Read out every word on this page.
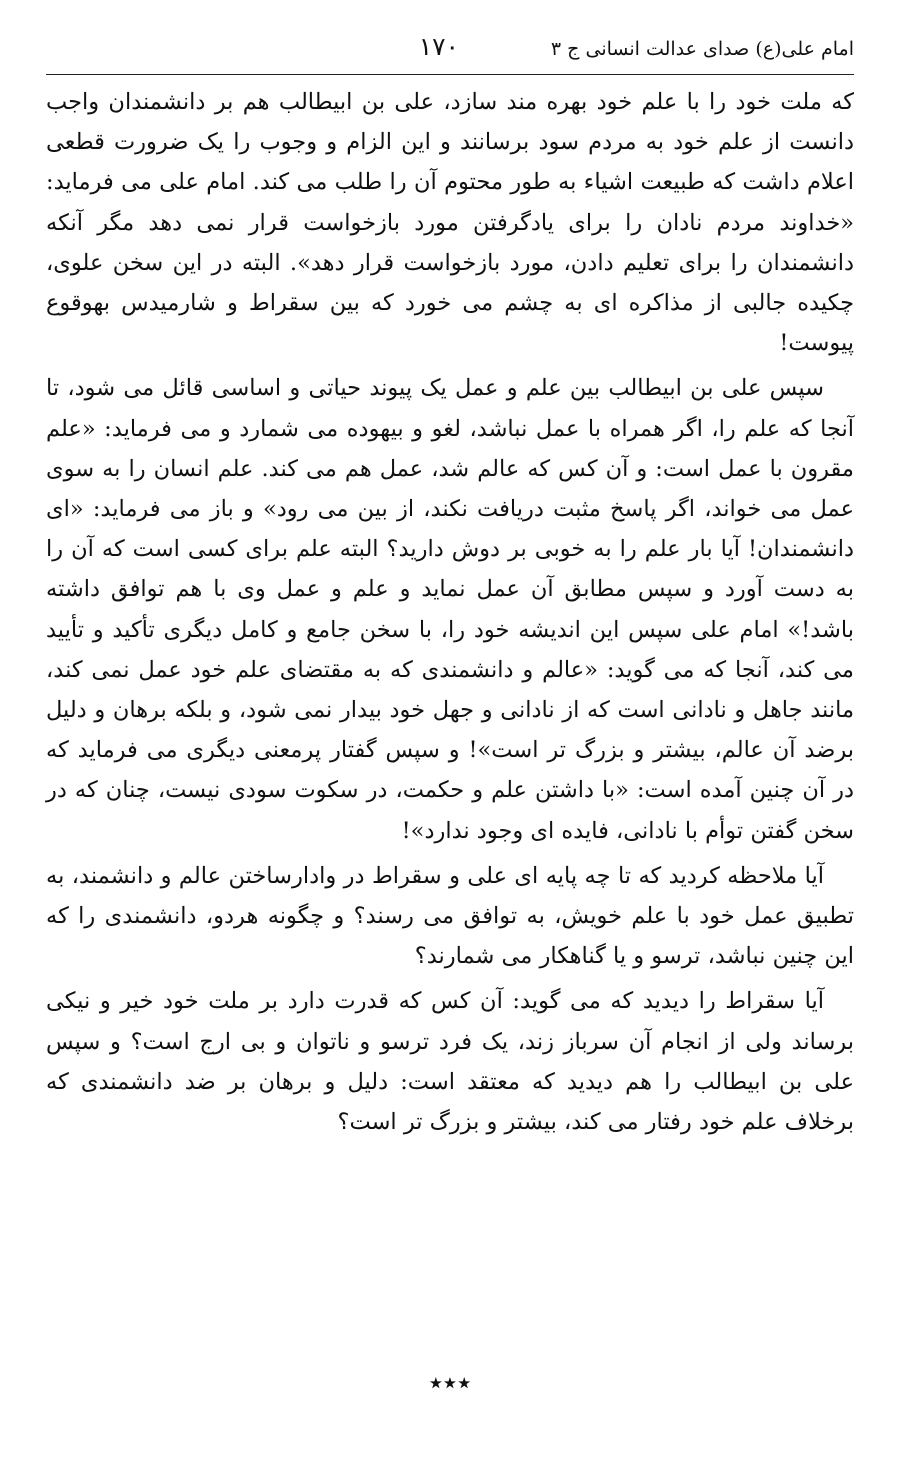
امام علی(ع) صدای عدالت انسانی ج ٣
١٧٠

که ملت خود را با علم خود بهره مند سازد، علی بن ابیطالب هم بر دانشمندان واجب دانست از علم خود به مردم سود برسانند و این الزام و وجوب را یک ضرورت قطعی اعلام داشت که طبیعت اشیاء به طور محتوم آن را طلب می کند. امام علی می فرماید: «خداوند مردم نادان را برای یادگرفتن مورد بازخواست قرار نمی دهد مگر آنکه دانشمندان را برای تعلیم دادن، مورد بازخواست قرار دهد». البته در این سخن علوی، چکیده جالبی از مذاکره ای به چشم می خورد که بین سقراط و شارمیدس بهوقوع پیوست!

سپس علی بن ابیطالب بین علم و عمل یک پیوند حیاتی و اساسی قائل می شود، تا آنجا که علم را، اگر همراه با عمل نباشد، لغو و بیهوده می شمارد و می فرماید: «علم مقرون با عمل است: و آن کس که عالم شد، عمل هم می کند. علم انسان را به سوی عمل می خواند، اگر پاسخ مثبت دریافت نکند، از بین می رود» و باز می فرماید: «ای دانشمندان! آیا بار علم را به خوبی بر دوش دارید؟ البته علم برای کسی است که آن را به دست آورد و سپس مطابق آن عمل نماید و علم و عمل وی با هم توافق داشته باشد!» امام علی سپس این اندیشه خود را، با سخن جامع و کامل دیگری تأکید و تأیید می کند، آنجا که می گوید: «عالم و دانشمندی که به مقتضای علم خود عمل نمی کند، مانند جاهل و نادانی است که از نادانی و جهل خود بیدار نمی شود، و بلکه برهان و دلیل برضد آن عالم، بیشتر و بزرگ تر است»! و سپس گفتار پرمعنی دیگری می فرماید که در آن چنین آمده است: «با داشتن علم و حکمت، در سکوت سودی نیست، چنان که در سخن گفتن توأم با نادانی، فایده ای وجود ندارد»!

آیا ملاحظه کردید که تا چه پایه ای علی و سقراط در وادارساختن عالم و دانشمند، به تطبیق عمل خود با علم خویش، به توافق می رسند؟ و چگونه هردو، دانشمندی را که این چنین نباشد، ترسو و یا گناهکار می شمارند؟

آیا سقراط را دیدید که می گوید: آن کس که قدرت دارد بر ملت خود خیر و نیکی برساند ولی از انجام آن سرباز زند، یک فرد ترسو و ناتوان و بی ارج است؟ و سپس علی بن ابیطالب را هم دیدید که معتقد است: دلیل و برهان بر ضد دانشمندی که برخلاف علم خود رفتار می کند، بیشتر و بزرگ تر است؟

٭٭٭
